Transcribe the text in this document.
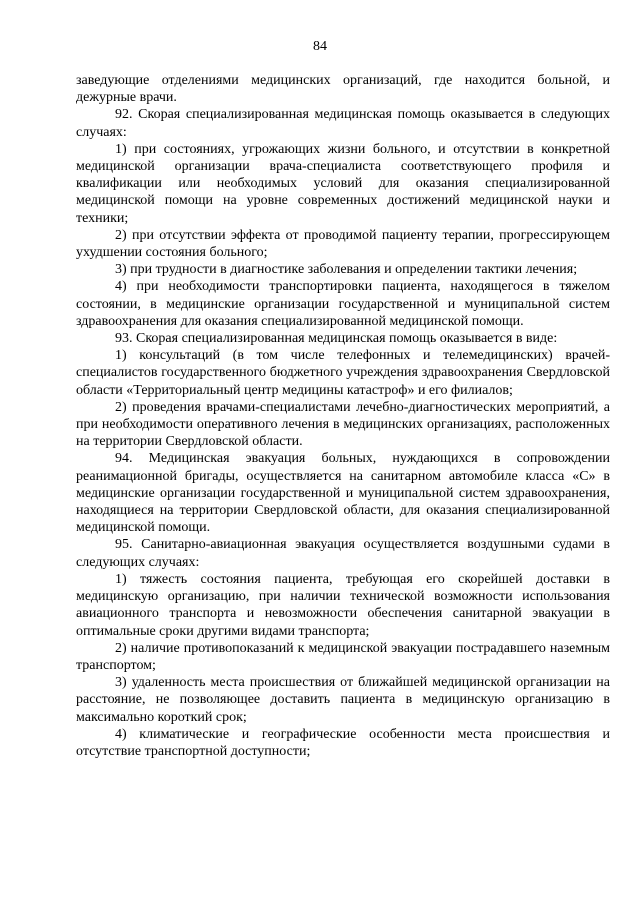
84

заведующие отделениями медицинских организаций, где находится больной, и дежурные врачи.

92. Скорая специализированная медицинская помощь оказывается в следующих случаях:

1) при состояниях, угрожающих жизни больного, и отсутствии в конкретной медицинской организации врача-специалиста соответствующего профиля и квалификации или необходимых условий для оказания специализированной медицинской помощи на уровне современных достижений медицинской науки и техники;

2) при отсутствии эффекта от проводимой пациенту терапии, прогрессирующем ухудшении состояния больного;

3) при трудности в диагностике заболевания и определении тактики лечения;

4) при необходимости транспортировки пациента, находящегося в тяжелом состоянии, в медицинские организации государственной и муниципальной систем здравоохранения для оказания специализированной медицинской помощи.

93. Скорая специализированная медицинская помощь оказывается в виде:

1) консультаций (в том числе телефонных и телемедицинских) врачей-специалистов государственного бюджетного учреждения здравоохранения Свердловской области «Территориальный центр медицины катастроф» и его филиалов;

2) проведения врачами-специалистами лечебно-диагностических мероприятий, а при необходимости оперативного лечения в медицинских организациях, расположенных на территории Свердловской области.

94. Медицинская эвакуация больных, нуждающихся в сопровождении реанимационной бригады, осуществляется на санитарном автомобиле класса «С» в медицинские организации государственной и муниципальной систем здравоохранения, находящиеся на территории Свердловской области, для оказания специализированной медицинской помощи.

95. Санитарно-авиационная эвакуация осуществляется воздушными судами в следующих случаях:

1) тяжесть состояния пациента, требующая его скорейшей доставки в медицинскую организацию, при наличии технической возможности использования авиационного транспорта и невозможности обеспечения санитарной эвакуации в оптимальные сроки другими видами транспорта;

2) наличие противопоказаний к медицинской эвакуации пострадавшего наземным транспортом;

3) удаленность места происшествия от ближайшей медицинской организации на расстояние, не позволяющее доставить пациента в медицинскую организацию в максимально короткий срок;

4) климатические и географические особенности места происшествия и отсутствие транспортной доступности;
